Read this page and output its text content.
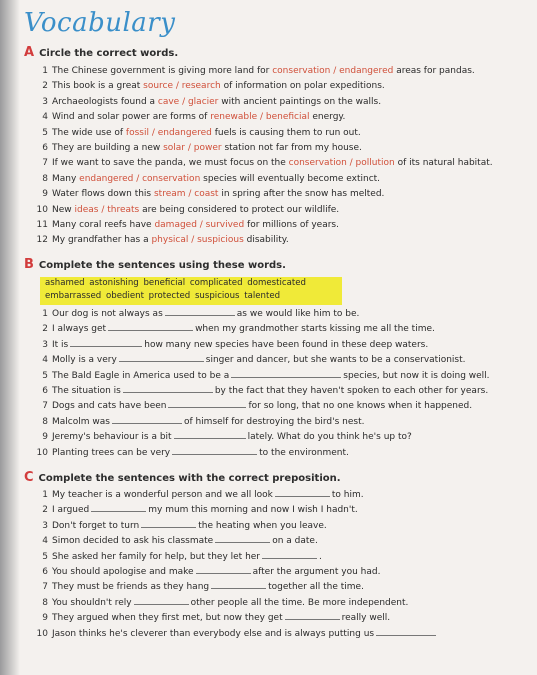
Vocabulary
A Circle the correct words.
1 The Chinese government is giving more land for conservation / endangered areas for pandas.
2 This book is a great source / research of information on polar expeditions.
3 Archaeologists found a cave / glacier with ancient paintings on the walls.
4 Wind and solar power are forms of renewable / beneficial energy.
5 The wide use of fossil / endangered fuels is causing them to run out.
6 They are building a new solar / power station not far from my house.
7 If we want to save the panda, we must focus on the conservation / pollution of its natural habitat.
8 Many endangered / conservation species will eventually become extinct.
9 Water flows down this stream / coast in spring after the snow has melted.
10 New ideas / threats are being considered to protect our wildlife.
11 Many coral reefs have damaged / survived for millions of years.
12 My grandfather has a physical / suspicious disability.
B Complete the sentences using these words.
ashamed astonishing beneficial complicated domesticated
embarrassed obedient protected suspicious talented
1 Our dog is not always as	as we would like him to be.
2 I always get	when my grandmother starts kissing me all the time.
3 It is	how many new species have been found in these deep waters.
4 Molly is a very	singer and dancer, but she wants to be a conservationist.
5 The Bald Eagle in America used to be a	species, but now it is doing well.
6 The situation is	by the fact that they haven't spoken to each other for years.
7 Dogs and cats have been	for so long, that no one knows when it happened.
8 Malcolm was	of himself for destroying the bird's nest.
9 Jeremy's behaviour is a bit	lately. What do you think he's up to?
10 Planting trees can be very	to the environment.
C Complete the sentences with the correct preposition.
1 My teacher is a wonderful person and we all look	to him.
2 I argued	my mum this morning and now I wish I hadn't.
3 Don't forget to turn	the heating when you leave.
4 Simon decided to ask his classmate	on a date.
5 She asked her family for help, but they let her	.
6 You should apologise and make	after the argument you had.
7 They must be friends as they hang	together all the time.
8 You shouldn't rely	other people all the time. Be more independent.
9 They argued when they first met, but now they get	really well.
10 Jason thinks he's cleverer than everybody else and is always putting us
